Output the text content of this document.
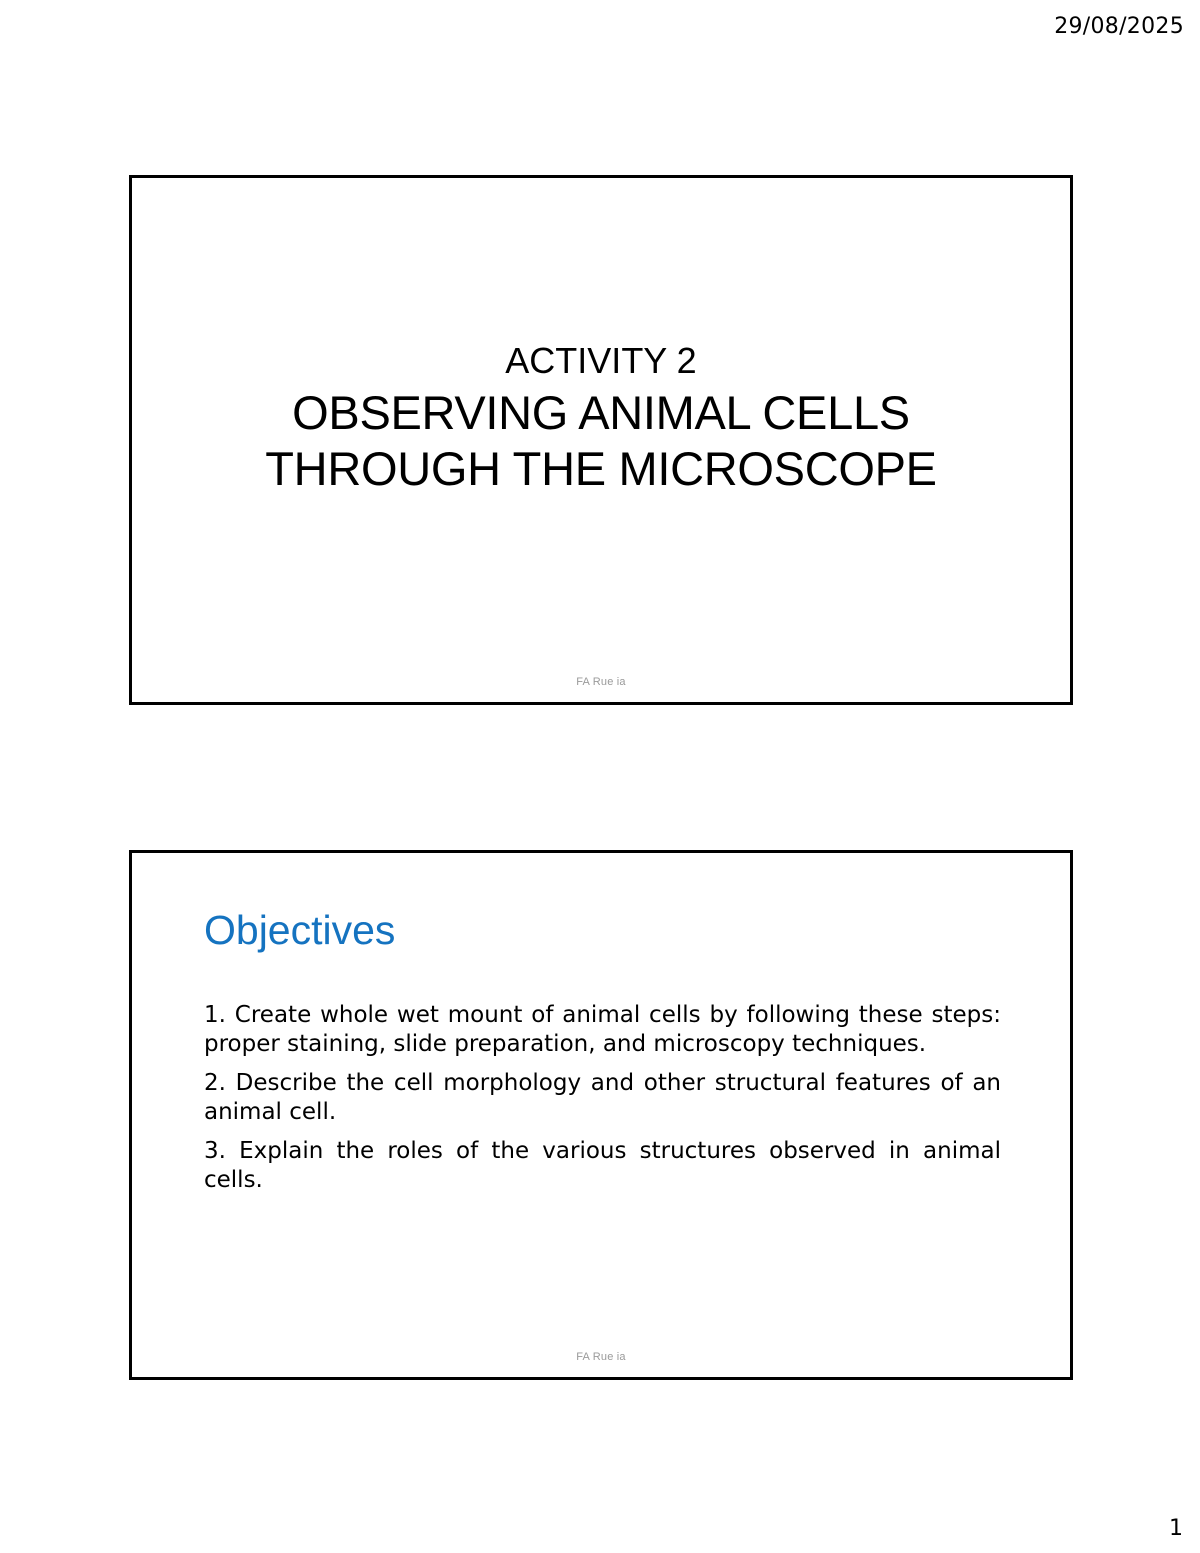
29/08/2025
ACTIVITY 2
OBSERVING ANIMAL CELLS
THROUGH THE MICROSCOPE
FA Rue ia
Objectives
1. Create whole wet mount of animal cells by following these steps: proper staining, slide preparation, and microscopy techniques.
2. Describe the cell morphology and other structural features of an animal cell.
3. Explain the roles of the various structures observed in animal cells.
FA Rue ia
1
